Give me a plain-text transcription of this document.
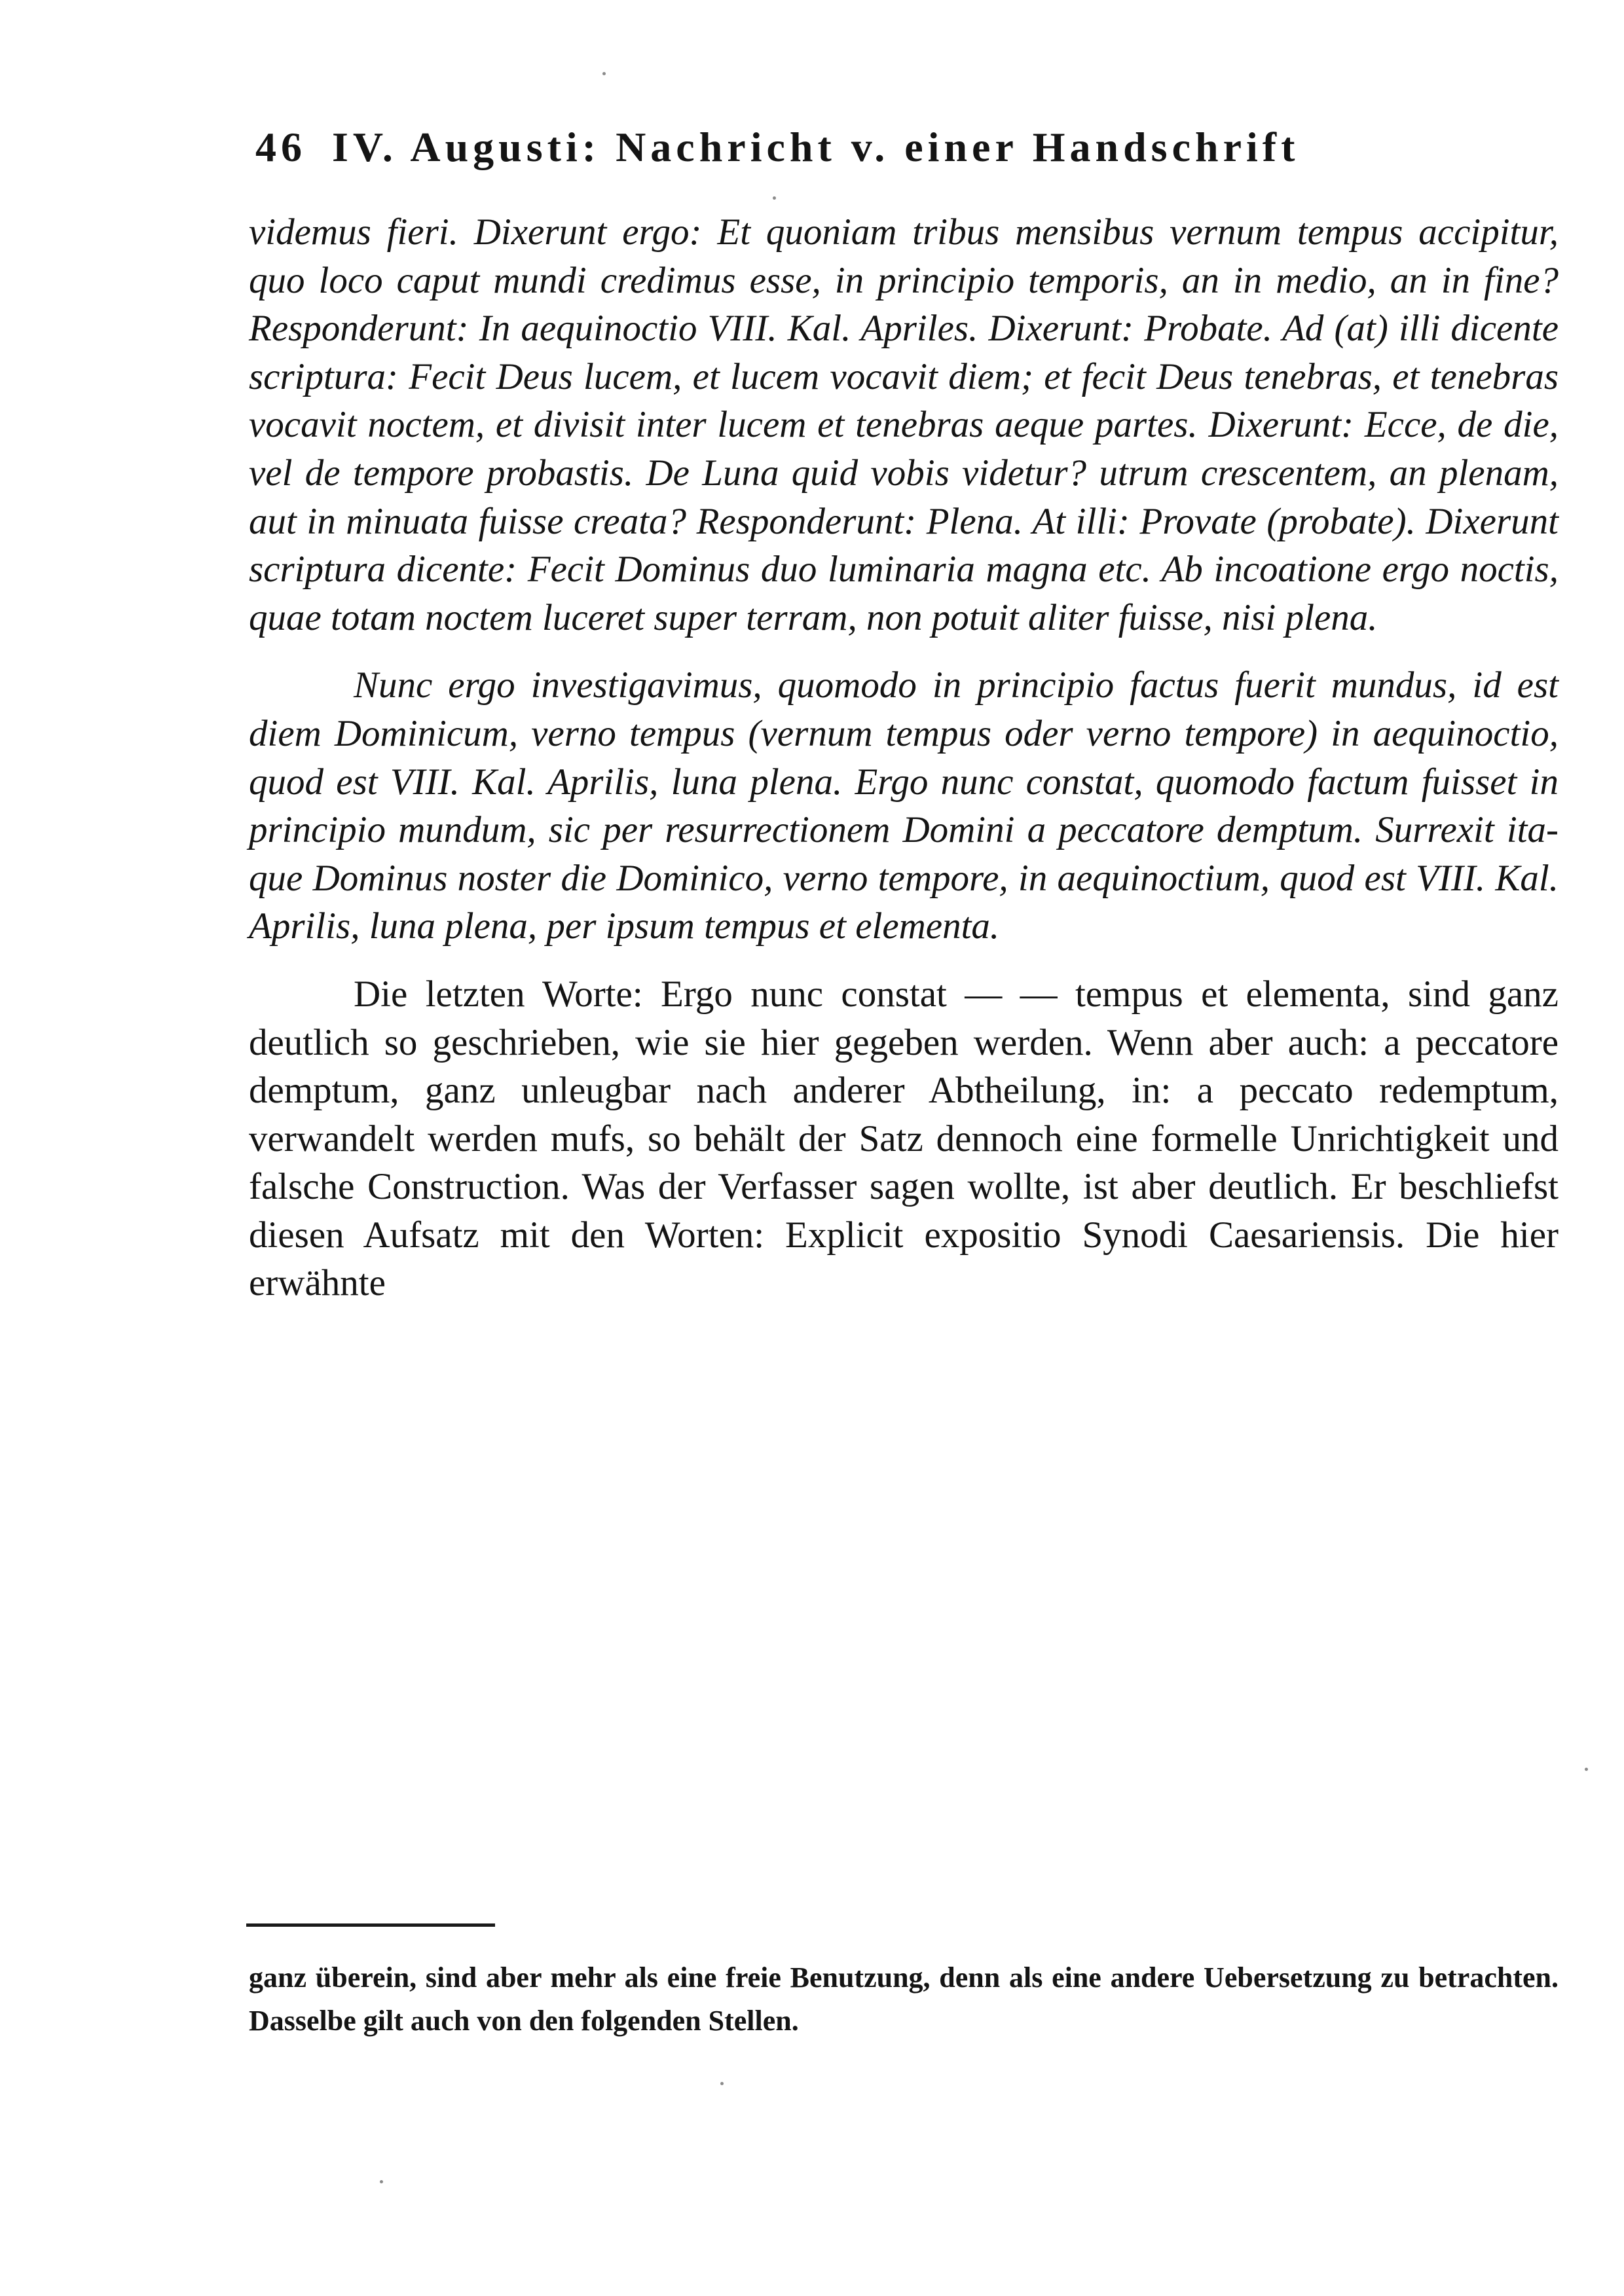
46 IV. Augusti: Nachricht v. einer Handschrift

videmus fieri. Dixerunt ergo: Et quoniam tribus mensibus vernum tempus accipitur, quo loco caput mundi credimus esse, in principio temporis, an in medio, an in fine? Responderunt: In aequinoctio VIII. Kal. Apriles. Dixerunt: Probate. Ad (at) illi dicente scriptura: Fecit Deus lucem, et lucem vocavit diem; et fecit Deus tenebras, et tenebras vocavit noctem, et divisit inter lucem et tenebras aeque partes. Dixerunt: Ecce, de die, vel de tempore probastis. De Luna quid vobis videtur? utrum crescentem, an plenam, aut in minuata fuisse creata? Responderunt: Plena. At illi: Provate (probate). Dixerunt scriptura dicente: Fecit Dominus duo luminaria magna etc. Ab incoatione ergo noctis, quae totam noctem luceret super terram, non potuit aliter fuisse, nisi plena.

Nunc ergo investigavimus, quomodo in principio factus fuerit mundus, id est diem Dominicum, verno tempus (vernum tempus oder verno tempore) in aequinoctio, quod est VIII. Kal. Aprilis, luna plena. Ergo nunc constat, quomodo factum fuisset in principio mundum, sic per resurrectionem Domini a peccatore demptum. Surrexit itaque Dominus noster die Dominico, verno tempore, in aequinoctium, quod est VIII. Kal. Aprilis, luna plena, per ipsum tempus et elementa.

Die letzten Worte: Ergo nunc constat — — tempus et elementa, sind ganz deutlich so geschrieben, wie sie hier gegeben werden. Wenn aber auch: a peccatore demptum, ganz unleugbar nach anderer Abtheilung, in: a peccato redemptum, verwandelt werden mufs, so behält der Satz dennoch eine formelle Unrichtigkeit und falsche Construction. Was der Verfasser sagen wollte, ist aber deutlich. Er beschliefst diesen Aufsatz mit den Worten: Explicit expositio Synodi Caesariensis. Die hier erwähnte

ganz überein, sind aber mehr als eine freie Benutzung, denn als eine andere Uebersetzung zu betrachten. Dasselbe gilt auch von den folgenden Stellen.
